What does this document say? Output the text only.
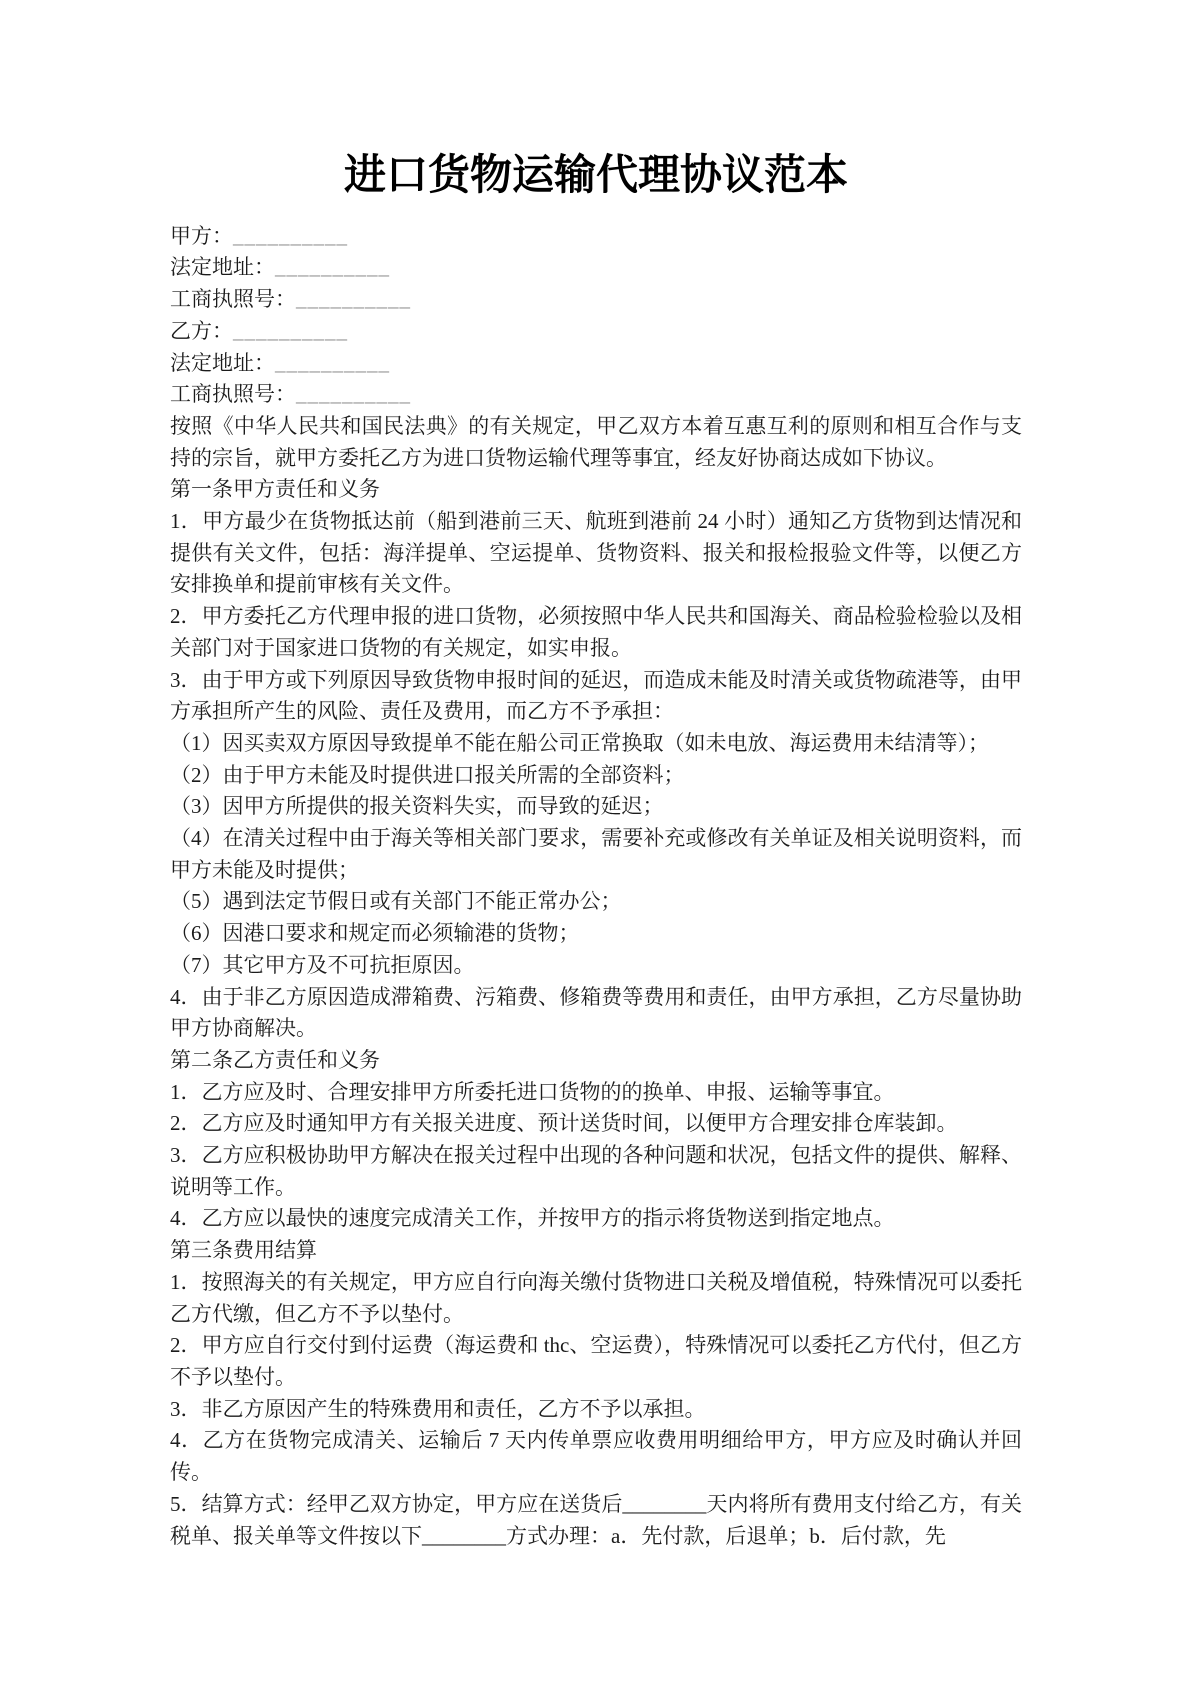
进口货物运输代理协议范本

甲方：__________

法定地址：__________

工商执照号：__________

乙方：__________

法定地址：__________

工商执照号：__________

按照《中华人民共和国民法典》的有关规定，甲乙双方本着互惠互利的原则和相互合作与支持的宗旨，就甲方委托乙方为进口货物运输代理等事宜，经友好协商达成如下协议。

第一条甲方责任和义务

1．甲方最少在货物抵达前（船到港前三天、航班到港前 24 小时）通知乙方货物到达情况和提供有关文件，包括：海洋提单、空运提单、货物资料、报关和报检报验文件等，以便乙方安排换单和提前审核有关文件。

2．甲方委托乙方代理申报的进口货物，必须按照中华人民共和国海关、商品检验检验以及相关部门对于国家进口货物的有关规定，如实申报。

3．由于甲方或下列原因导致货物申报时间的延迟，而造成未能及时清关或货物疏港等，由甲方承担所产生的风险、责任及费用，而乙方不予承担：

（1）因买卖双方原因导致提单不能在船公司正常换取（如未电放、海运费用未结清等）；

（2）由于甲方未能及时提供进口报关所需的全部资料；

（3）因甲方所提供的报关资料失实，而导致的延迟；

（4）在清关过程中由于海关等相关部门要求，需要补充或修改有关单证及相关说明资料，而甲方未能及时提供；

（5）遇到法定节假日或有关部门不能正常办公；

（6）因港口要求和规定而必须输港的货物；

（7）其它甲方及不可抗拒原因。

4．由于非乙方原因造成滞箱费、污箱费、修箱费等费用和责任，由甲方承担，乙方尽量协助甲方协商解决。

第二条乙方责任和义务

1．乙方应及时、合理安排甲方所委托进口货物的的换单、申报、运输等事宜。

2．乙方应及时通知甲方有关报关进度、预计送货时间，以便甲方合理安排仓库装卸。

3．乙方应积极协助甲方解决在报关过程中出现的各种问题和状况，包括文件的提供、解释、说明等工作。

4．乙方应以最快的速度完成清关工作，并按甲方的指示将货物送到指定地点。

第三条费用结算

1．按照海关的有关规定，甲方应自行向海关缴付货物进口关税及增值税，特殊情况可以委托乙方代缴，但乙方不予以垫付。

2．甲方应自行交付到付运费（海运费和 thc、空运费），特殊情况可以委托乙方代付，但乙方不予以垫付。

3．非乙方原因产生的特殊费用和责任，乙方不予以承担。

4．乙方在货物完成清关、运输后 7 天内传单票应收费用明细给甲方，甲方应及时确认并回传。

5．结算方式：经甲乙双方协定，甲方应在送货后________天内将所有费用支付给乙方，有关税单、报关单等文件按以下________方式办理：a．先付款，后退单；b．后付款，先
